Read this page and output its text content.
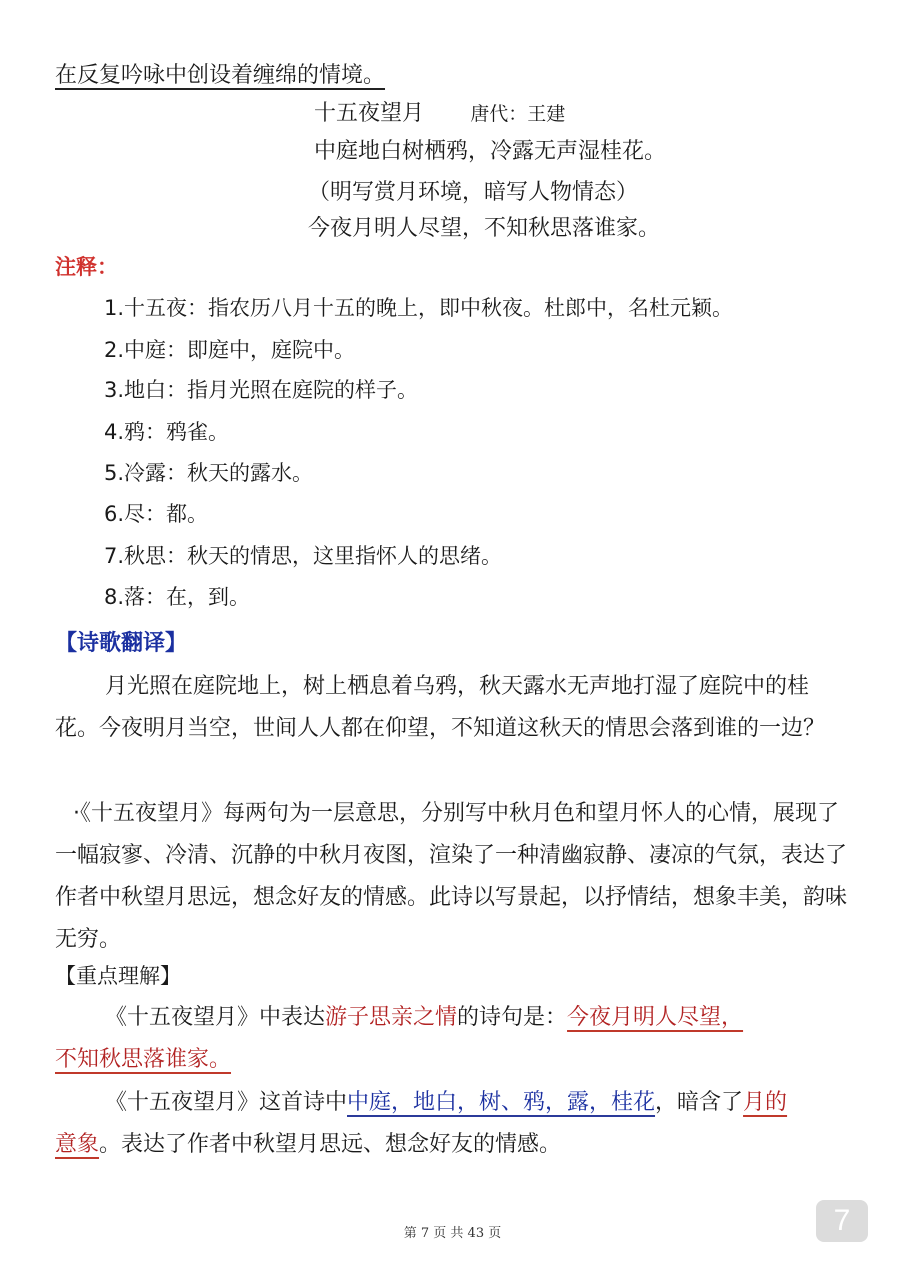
在反复吟咏中创设着缠绵的情境。
十五夜望月 唐代：王建
中庭地白树栖鸦，冷露无声湿桂花。
（明写赏月环境，暗写人物情态）
今夜月明人尽望，不知秋思落谁家。
注释：
1.十五夜：指农历八月十五的晚上，即中秋夜。杜郎中，名杜元颖。
2.中庭：即庭中，庭院中。
3.地白：指月光照在庭院的样子。
4.鸦：鸦雀。
5.冷露：秋天的露水。
6.尽：都。
7.秋思：秋天的情思，这里指怀人的思绪。
8.落：在，到。
【诗歌翻译】
月光照在庭院地上，树上栖息着乌鸦，秋天露水无声地打湿了庭院中的桂花。今夜明月当空，世间人人都在仰望，不知道这秋天的情思会落到谁的一边？
·《十五夜望月》每两句为一层意思，分别写中秋月色和望月怀人的心情，展现了一幅寂寥、冷清、沉静的中秋月夜图，渲染了一种清幽寂静、凄凉的气氛，表达了作者中秋望月思远，想念好友的情感。此诗以写景起，以抒情结，想象丰美，韵味无穷。
【重点理解】
《十五夜望月》中表达游子思亲之情的诗句是：今夜月明人尽望，
不知秋思落谁家。
《十五夜望月》这首诗中中庭，地白，树、鸦，露，桂花，暗含了月的
意象。表达了作者中秋望月思远、想念好友的情感。
7
第 7 页 共 43 页
